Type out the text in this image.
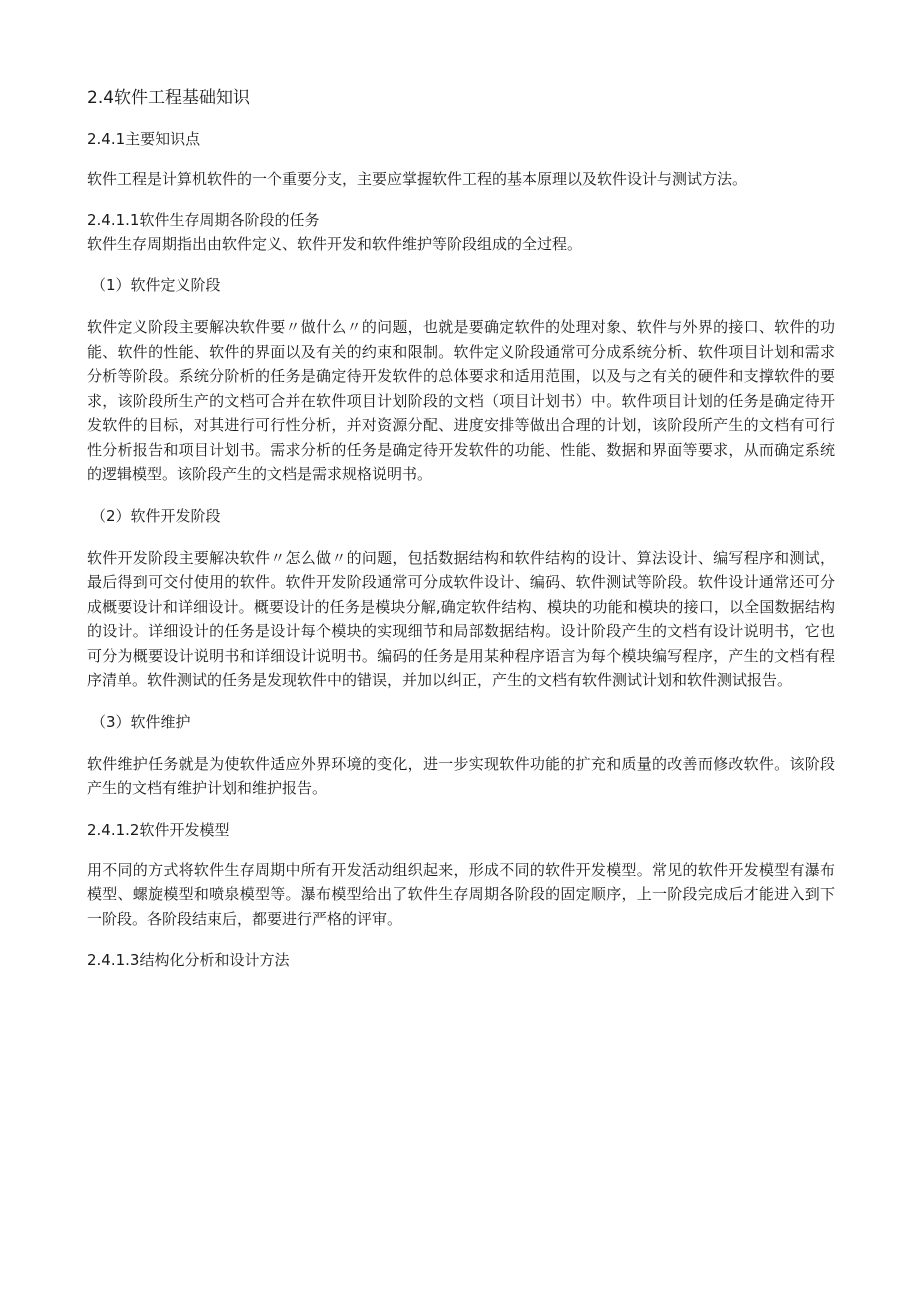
2.4软件工程基础知识
2.4.1主要知识点

软件工程是计算机软件的一个重要分支，主要应掌握软件工程的基本原理以及软件设计与测试方法。

2.4.1.1软件生存周期各阶段的任务

软件生存周期指出由软件定义、软件开发和软件维护等阶段组成的全过程。

（1）软件定义阶段

软件定义阶段主要解决软件要〃做什么〃的问题，也就是要确定软件的处理对象、软件与外界的接口、软件的功能、软件的性能、软件的界面以及有关的约束和限制。软件定义阶段通常可分成系统分析、软件项目计划和需求分析等阶段。系统分阶析的任务是确定待开发软件的总体要求和适用范围，以及与之有关的硬件和支撑软件的要求，该阶段所生产的文档可合并在软件项目计划阶段的文档（项目计划书）中。软件项目计划的任务是确定待开发软件的目标，对其进行可行性分析，并对资源分配、进度安排等做出合理的计划，该阶段所产生的文档有可行性分析报告和项目计划书。需求分析的任务是确定待开发软件的功能、性能、数据和界面等要求，从而确定系统的逻辑模型。该阶段产生的文档是需求规格说明书。

（2）软件开发阶段

软件开发阶段主要解决软件〃怎么做〃的问题，包括数据结构和软件结构的设计、算法设计、编写程序和测试，最后得到可交付使用的软件。软件开发阶段通常可分成软件设计、编码、软件测试等阶段。软件设计通常还可分成概要设计和详细设计。概要设计的任务是模块分解,确定软件结构、模块的功能和模块的接口，以全国数据结构的设计。详细设计的任务是设计每个模块的实现细节和局部数据结构。设计阶段产生的文档有设计说明书，它也可分为概要设计说明书和详细设计说明书。编码的任务是用某种程序语言为每个模块编写程序，产生的文档有程序清单。软件测试的任务是发现软件中的错误，并加以纠正，产生的文档有软件测试计划和软件测试报告。

（3）软件维护

软件维护任务就是为使软件适应外界环境的变化，进一步实现软件功能的扩充和质量的改善而修改软件。该阶段产生的文档有维护计划和维护报告。

2.4.1.2软件开发模型

用不同的方式将软件生存周期中所有开发活动组织起来，形成不同的软件开发模型。常见的软件开发模型有瀑布模型、螺旋模型和喷泉模型等。瀑布模型给出了软件生存周期各阶段的固定顺序，上一阶段完成后才能进入到下一阶段。各阶段结束后，都要进行严格的评审。

2.4.1.3结构化分析和设计方法
